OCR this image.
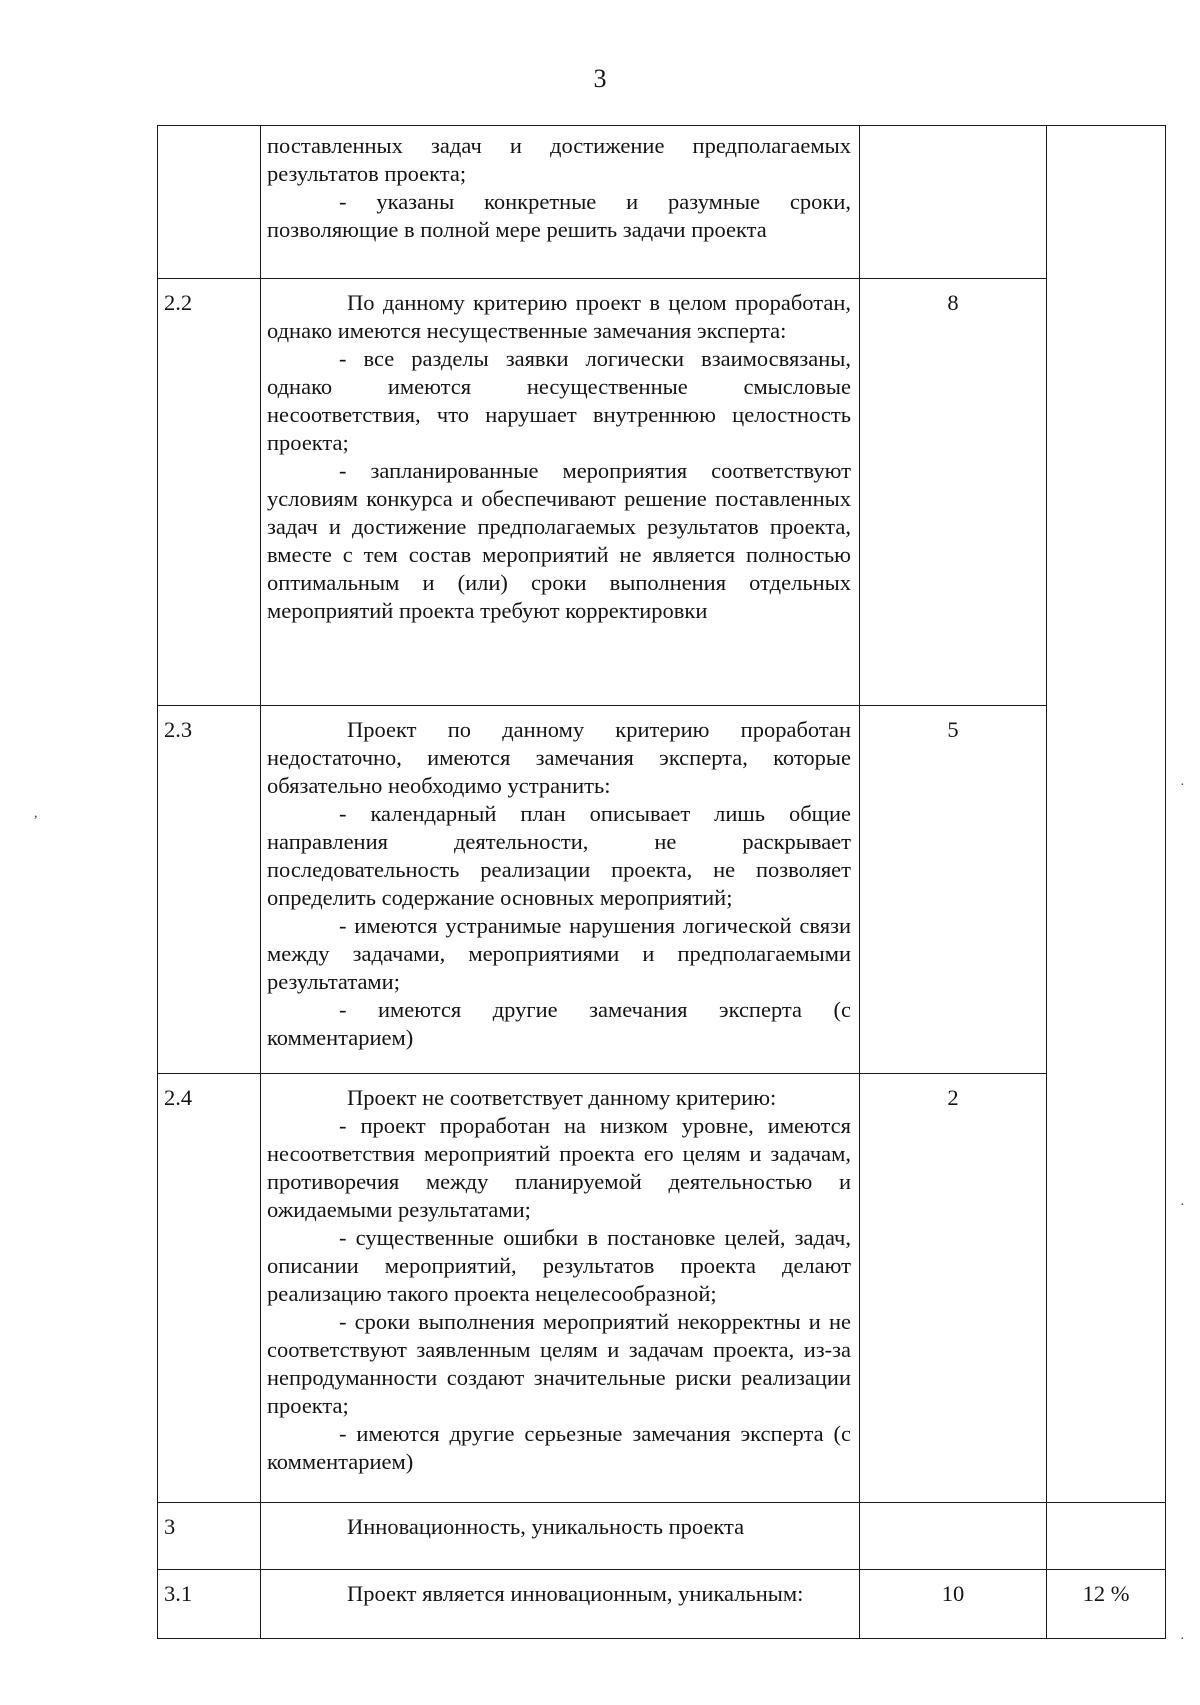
3

	поставленных задач и достижение предполагаемых результатов проекта;

- указаны конкретные и разумные сроки, позволяющие в полной мере решить задачи проекта		

2.2	По данному критерию проект в целом проработан, однако имеются несущественные замечания эксперта:

- все разделы заявки логически взаимосвязаны, однако имеются несущественные смысловые несоответствия, что нарушает внутреннюю целостность проекта;

- запланированные мероприятия соответствуют условиям конкурса и обеспечивают решение поставленных задач и достижение предполагаемых результатов проекта, вместе с тем состав мероприятий не является полностью оптимальным и (или) сроки выполнения отдельных мероприятий проекта требуют корректировки	8	
2.3	Проект по данному критерию проработан недостаточно, имеются замечания эксперта, которые обязательно необходимо устранить:

- календарный план описывает лишь общие направления деятельности, не раскрывает последовательность реализации проекта, не позволяет определить содержание основных мероприятий;

- имеются устранимые нарушения логической связи между задачами, мероприятиями и предполагаемыми результатами;

- имеются другие замечания эксперта (с комментарием)	5	
2.4	Проект не соответствует данному критерию:

- проект проработан на низком уровне, имеются несоответствия мероприятий проекта его целям и задачам, противоречия между планируемой деятельностью и ожидаемыми результатами;

- существенные ошибки в постановке целей, задач, описании мероприятий, результатов проекта делают реализацию такого проекта нецелесообразной;

- сроки выполнения мероприятий некорректны и не соответствуют заявленным целям и задачам проекта, из-за непродуманности создают значительные риски реализации проекта;

- имеются другие серьезные замечания эксперта (с комментарием)	2	
3	Инновационность, уникальность проекта		

3.1	Проект является инновационным, уникальным:	10	12 %
,
·
·
·
